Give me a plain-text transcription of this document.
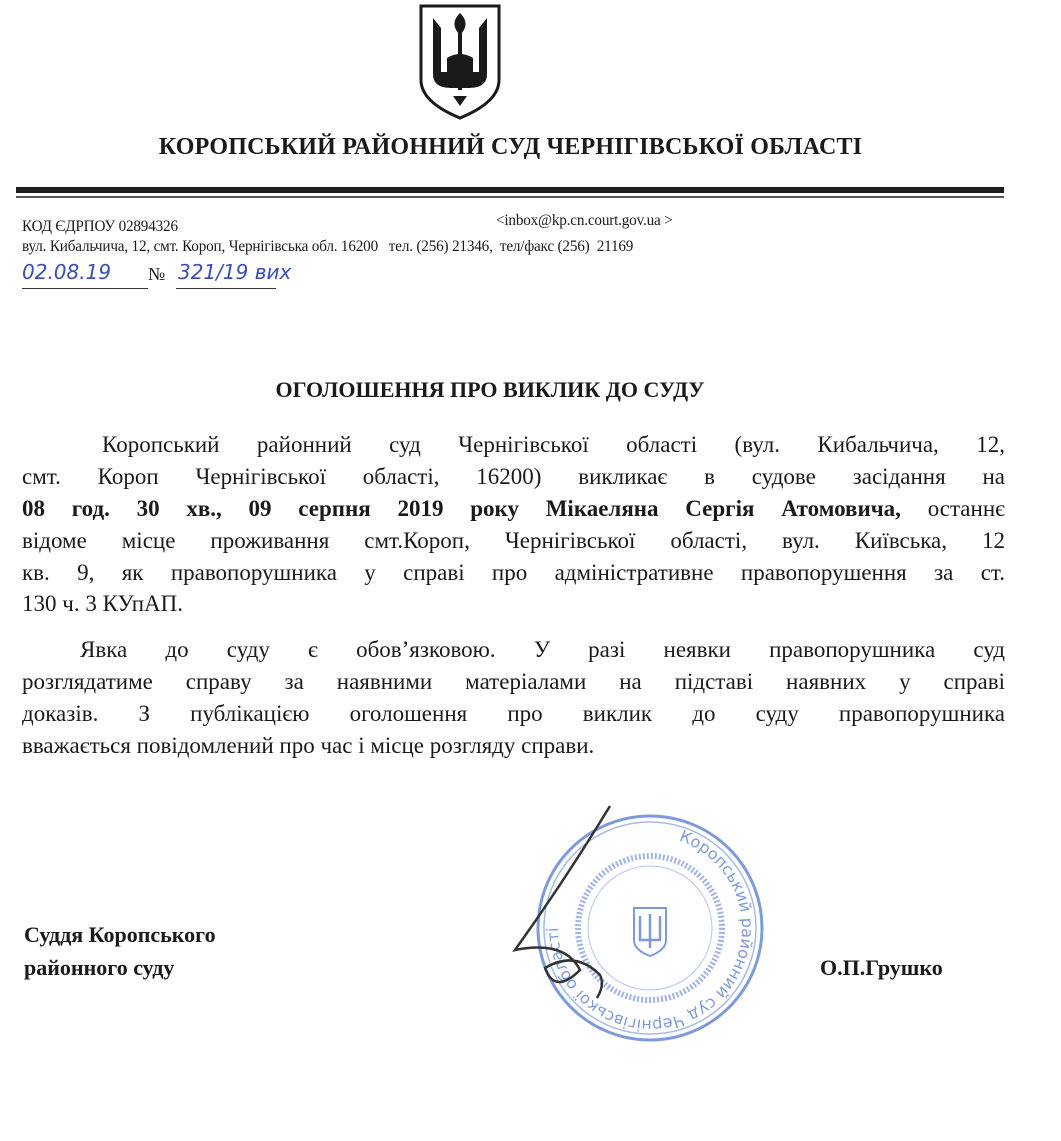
КОРОПСЬКИЙ РАЙОННИЙ СУД ЧЕРНІГІВСЬКОЇ ОБЛАСТІ
КОД ЄДРПОУ 02894326	<inbox@kp.cn.court.gov.ua >
вул. Кибальчича, 12, смт. Короп, Чернігівська обл. 16200   тел. (256) 21346,  тел/факс (256)  21169
02.08.19 № 321/19 вих
ОГОЛОШЕННЯ ПРО ВИКЛИК ДО СУДУ
Коропський районний суд Чернігівської області (вул. Кибальчича, 12,
смт. Короп Чернігівської області, 16200) викликає в судове засідання на
08 год. 30 хв., 09 серпня 2019 року Мікаеляна Сергія Атомовича, останнє
відоме місце проживання смт.Короп, Чернігівської області, вул. Київська, 12
кв. 9, як правопорушника у справі про адміністративне правопорушення за ст.
130 ч. 3 КУпАП.
Явка до суду є обов’язковою. У разі неявки правопорушника суд
розглядатиме справу за наявними матеріалами на підставі наявних у справі
доказів. З публікацією оголошення про виклик до суду правопорушника
вважається повідомлений про час і місце розгляду справи.
Коропський районний суд Чернігівської області
Суддя Коропського
районного суду	О.П.Грушко
